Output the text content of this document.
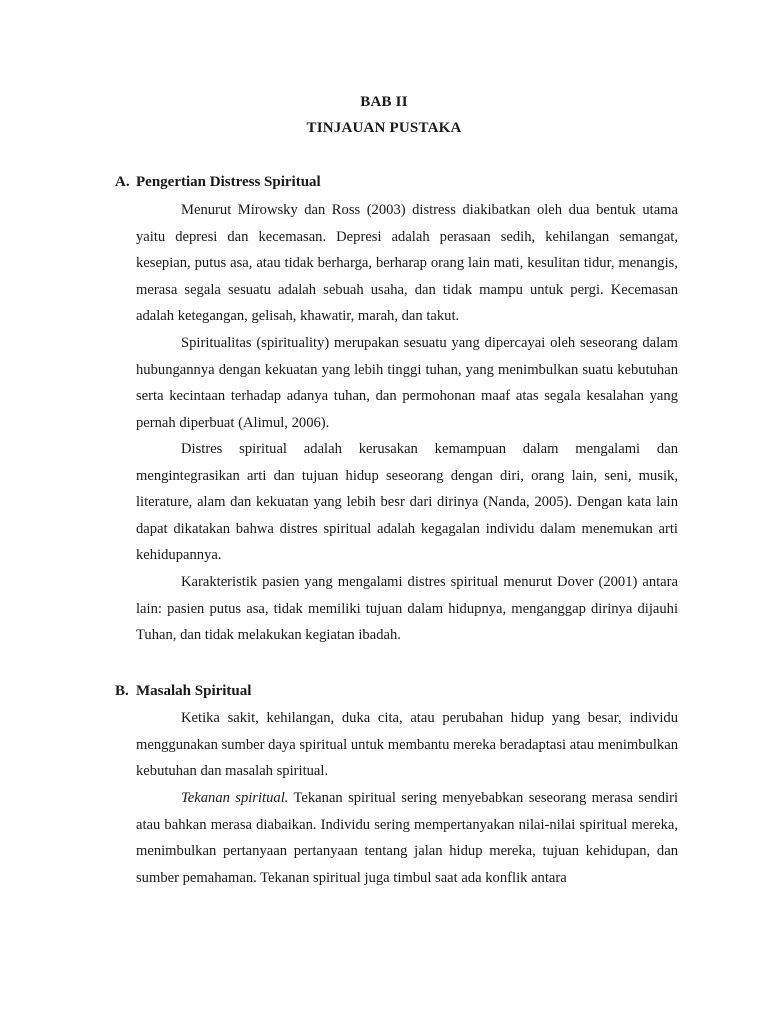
BAB II
TINJAUAN PUSTAKA
A. Pengertian Distress Spiritual

Menurut Mirowsky dan Ross (2003) distress diakibatkan oleh dua bentuk utama yaitu depresi dan kecemasan. Depresi adalah perasaan sedih, kehilangan semangat, kesepian, putus asa, atau tidak berharga, berharap orang lain mati, kesulitan tidur, menangis, merasa segala sesuatu adalah sebuah usaha, dan tidak mampu untuk pergi. Kecemasan adalah ketegangan, gelisah, khawatir, marah, dan takut.

Spiritualitas (spirituality) merupakan sesuatu yang dipercayai oleh seseorang dalam hubungannya dengan kekuatan yang lebih tinggi tuhan, yang menimbulkan suatu kebutuhan serta kecintaan terhadap adanya tuhan, dan permohonan maaf atas segala kesalahan yang pernah diperbuat (Alimul, 2006).

Distres spiritual adalah kerusakan kemampuan dalam mengalami dan mengintegrasikan arti dan tujuan hidup seseorang dengan diri, orang lain, seni, musik, literature, alam dan kekuatan yang lebih besr dari dirinya (Nanda, 2005). Dengan kata lain dapat dikatakan bahwa distres spiritual adalah kegagalan individu dalam menemukan arti kehidupannya.

Karakteristik pasien yang mengalami distres spiritual menurut Dover (2001) antara lain: pasien putus asa, tidak memiliki tujuan dalam hidupnya, menganggap dirinya dijauhi Tuhan, dan tidak melakukan kegiatan ibadah.

B. Masalah Spiritual

Ketika sakit, kehilangan, duka cita, atau perubahan hidup yang besar, individu menggunakan sumber daya spiritual untuk membantu mereka beradaptasi atau menimbulkan kebutuhan dan masalah spiritual.

Tekanan spiritual. Tekanan spiritual sering menyebabkan seseorang merasa sendiri atau bahkan merasa diabaikan. Individu sering mempertanyakan nilai-nilai spiritual mereka, menimbulkan pertanyaan pertanyaan tentang jalan hidup mereka, tujuan kehidupan, dan sumber pemahaman. Tekanan spiritual juga timbul saat ada konflik antara
